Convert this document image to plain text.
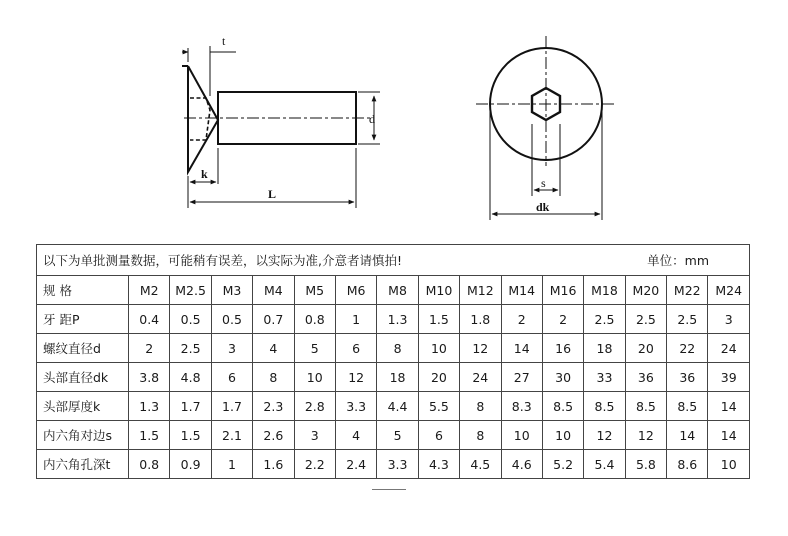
t
d
k
L
s
dk
以下为单批测量数据，可能稍有误差，以实际为准,介意者请慎拍! 单位：mm															

规 格	M2	M2.5	M3	M4	M5	M6	M8	M10	M12	M14	M16	M18	M20	M22	M24
牙 距P	0.4	0.5	0.5	0.7	0.8	1	1.3	1.5	1.8	2	2	2.5	2.5	2.5	3
螺纹直径d	2	2.5	3	4	5	6	8	10	12	14	16	18	20	22	24
头部直径dk	3.8	4.8	6	8	10	12	18	20	24	27	30	33	36	36	39
头部厚度k	1.3	1.7	1.7	2.3	2.8	3.3	4.4	5.5	8	8.3	8.5	8.5	8.5	8.5	14
内六角对边s	1.5	1.5	2.1	2.6	3	4	5	6	8	10	10	12	12	14	14
内六角孔深t	0.8	0.9	1	1.6	2.2	2.4	3.3	4.3	4.5	4.6	5.2	5.4	5.8	8.6	10
